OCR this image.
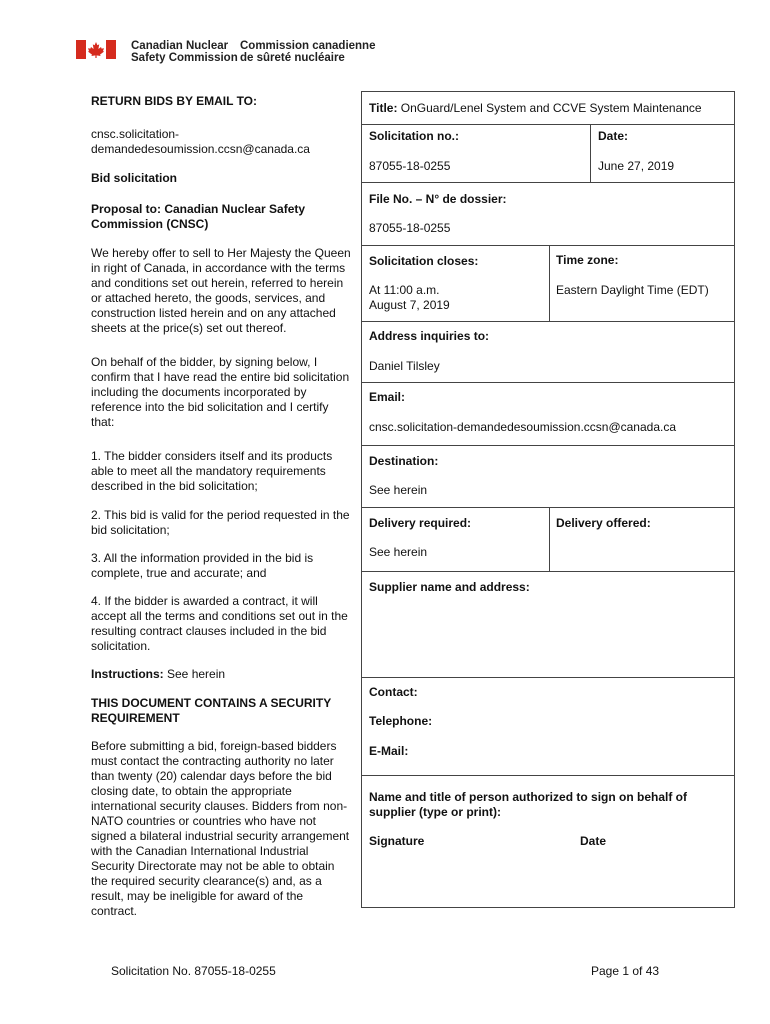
Canadian Nuclear
Safety Commission
Commission canadienne
de sûreté nucléaire

RETURN BIDS BY EMAIL TO:

cnsc.solicitation-
demandedesoumission.ccsn@canada.ca

Bid solicitation

Proposal to: Canadian Nuclear Safety Commission (CNSC)

We hereby offer to sell to Her Majesty the Queen in right of Canada, in accordance with the terms and conditions set out herein, referred to herein or attached hereto, the goods, services, and construction listed herein and on any attached sheets at the price(s) set out thereof.

On behalf of the bidder, by signing below, I confirm that I have read the entire bid solicitation including the documents incorporated by reference into the bid solicitation and I certify that:

1. The bidder considers itself and its products able to meet all the mandatory requirements described in the bid solicitation;

2. This bid is valid for the period requested in the bid solicitation;

3. All the information provided in the bid is complete, true and accurate; and

4. If the bidder is awarded a contract, it will accept all the terms and conditions set out in the resulting contract clauses included in the bid solicitation.

Instructions: See herein

THIS DOCUMENT CONTAINS A SECURITY REQUIREMENT

Before submitting a bid, foreign-based bidders must contact the contracting authority no later than twenty (20) calendar days before the bid closing date, to obtain the appropriate international security clauses. Bidders from non-NATO countries or countries who have not signed a bilateral industrial security arrangement with the Canadian International Industrial Security Directorate may not be able to obtain the required security clearance(s) and, as a result, may be ineligible for award of the contract.

Title: OnGuard/Lenel System and CCVE System Maintenance
Solicitation no.:
87055-18-0255
Date:
June 27, 2019
File No. – N° de dossier:
87055-18-0255
Solicitation closes:
At 11:00 a.m.
August 7, 2019
Time zone:
Eastern Daylight Time (EDT)
Address inquiries to:
Daniel Tilsley
Email:
cnsc.solicitation-demandedesoumission.ccsn@canada.ca
Destination:
See herein
Delivery required:
See herein
Delivery offered:
Supplier name and address:
Contact:
Telephone:
E-Mail:
Name and title of person authorized to sign on behalf of supplier (type or print):
Signature	Date
Solicitation No. 87055-18-0255	Page 1 of 43
